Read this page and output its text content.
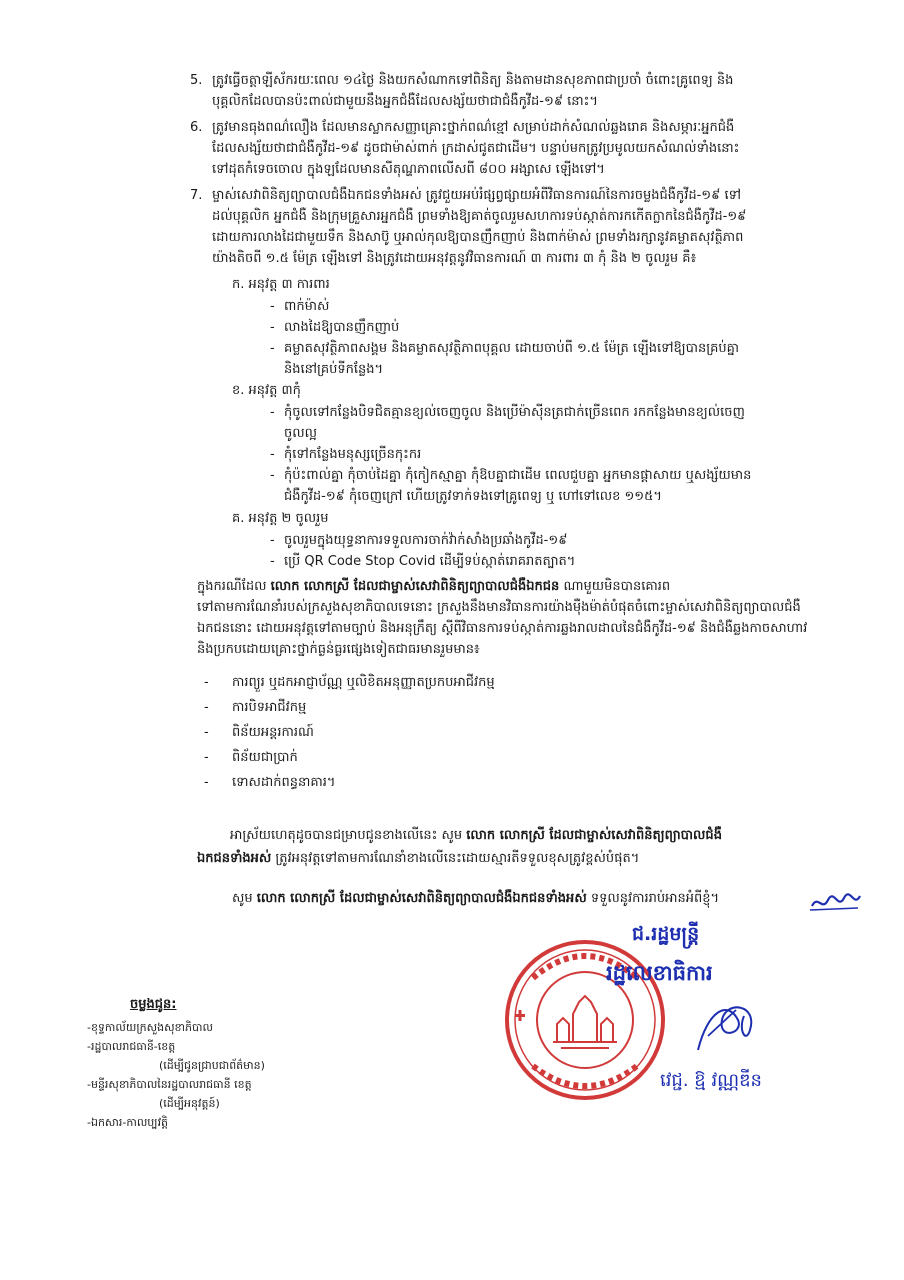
5. ត្រូវធ្វើចត្តាឡីស័ករយៈពេល ១៤ថ្ងៃ និងយកសំណាកទៅពិនិត្យ និងតាមដានសុខភាពជាប្រចាំ ចំពោះគ្រូពេទ្យ និង
បុគ្គលិកដែលបានប៉ះពាល់ជាមួយនឹងអ្នកជំងឺដែលសង្ស័យថាជាជំងឺកូវីដ-១៩ នោះ។
6. ត្រូវមានធុងពណ៌លឿង ដែលមានស្លាកសញ្ញាគ្រោះថ្នាក់ពណ៌ខ្មៅ សម្រាប់ដាក់សំណល់ឆ្លងរោគ និងសម្ភារៈអ្នកជំងឺ
ដែលសង្ស័យថាជាជំងឺកូវីដ-១៩ ដូចជាម៉ាស់ពាក់ ក្រដាស់ជូតជាដើម។ បន្ទាប់មកត្រូវប្រមូលយកសំណល់ទាំងនោះ
ទៅដុតកំទេចចោល ក្នុងឡដែលមានសីតុណ្ហភាពលើសពី ៨០០ អង្សាសេ ឡើងទៅ។
7. ម្ចាស់សេវាពិនិត្យព្យាបាលជំងឺឯកជនទាំងអស់ ត្រូវជួយអប់រំផ្សព្វផ្សាយអំពីវិធានការណ៍នៃការចម្លងជំងឺកូវីដ-១៩ ទៅ
ដល់បុគ្គលិក អ្នកជំងឺ និងក្រុមគ្រួសារអ្នកជំងឺ ព្រមទាំងឱ្យគាត់ចូលរួមសហការទប់ស្កាត់ការកកើតក្លាកនៃជំងឺកូវីដ-១៩
ដោយការលាងដៃជាមួយទឹក និងសាប៊ូ ឬអាល់កុលឱ្យបានញឹកញាប់ និងពាក់ម៉ាស់ ព្រមទាំងរក្សានូវគម្លាតសុវត្ថិភាព
យ៉ាងតិចពី ១.៥ ម៉ែត្រ ឡើងទៅ និងត្រូវដោយអនុវត្តនូវវិធានការណ៍ ៣ ការពារ ៣ កុំ និង ២ ចូលរួម គឺ៖
ក. អនុវត្ត ៣ ការពារ
- ពាក់ម៉ាស់
- លាងដៃឱ្យបានញឹកញាប់
- គម្លាតសុវត្ថិភាពសង្គម និងគម្លាតសុវត្ថិភាពបុគ្គល ដោយចាប់ពី ១.៥ ម៉ែត្រ ឡើងទៅឱ្យបានគ្រប់គ្នា
និងនៅគ្រប់ទីកន្លែង។
ខ. អនុវត្ត ៣កុំ
- កុំចូលទៅកន្លែងបិទជិតគ្មានខ្យល់ចេញចូល និងប្រើម៉ាស៊ីនត្រជាក់ច្រើនពេក រកកន្លែងមានខ្យល់ចេញ
ចូលល្អ
- កុំទៅកន្លែងមនុស្សច្រើនកុះករ
- កុំប៉ះពាល់គ្នា កុំចាប់ដៃគ្នា កុំកៀកស្មាគ្នា កុំឱបគ្នាជាដើម ពេលជួបគ្នា អ្នកមានផ្តាសាយ ឬសង្ស័យមាន
ជំងឺកូវីដ-១៩ កុំចេញក្រៅ ហើយត្រូវទាក់ទងទៅគ្រូពេទ្យ ឬ ហៅទៅលេខ ១១៥។
គ. អនុវត្ត ២ ចូលរួម
- ចូលរួមក្នុងយុទ្ធនាការទទួលការចាក់វ៉ាក់សាំងប្រឆាំងកូវីដ-១៩
- ប្រើ QR Code Stop Covid ដើម្បីទប់ស្កាត់រោគរាតត្បាត។
ក្នុងករណីដែល លោក លោកស្រី ដែលជាម្ចាស់សេវាពិនិត្យព្យាបាលជំងឺឯកជន ណាមួយមិនបានគោរព
ទៅតាមការណែនាំរបស់ក្រសួងសុខាភិបាលទេនោះ ក្រសួងនឹងមានវិធានការយ៉ាងម៉ឺងម៉ាត់បំផុតចំពោះម្ចាស់សេវាពិនិត្យព្យាបាលជំងឺ
ឯកជននោះ ដោយអនុវត្តទៅតាមច្បាប់ និងអនុក្រឹត្យ ស្តីពីវិធានការទប់ស្កាត់ការឆ្លងរាលដាលនៃជំងឺកូវីដ-១៩ និងជំងឺឆ្លងកាចសាហាវ
និងប្រកបដោយគ្រោះថ្នាក់ធ្ងន់ធ្ងរផ្សេងទៀតជាធរមានរួមមាន៖
- ការព្យួរ ឬដកអាជ្ញាប័ណ្ណ ឬលិខិតអនុញ្ញាតប្រកបអាជីវកម្ម
- ការបិទអាជីវកម្ម
- ពិន័យអន្តរការណ៍
- ពិន័យជាប្រាក់
- ទោសដាក់ពន្ធនាគារ។
អាស្រ័យហេតុដូចបានជម្រាបជូនខាងលើនេះ សូម លោក លោកស្រី ដែលជាម្ចាស់សេវាពិនិត្យព្យាបាលជំងឺ
ឯកជនទាំងអស់ ត្រូវអនុវត្តទៅតាមការណែនាំខាងលើនេះដោយស្មារតីទទួលខុសត្រូវខ្ពស់បំផុត។
សូម លោក លោកស្រី ដែលជាម្ចាស់សេវាពិនិត្យព្យាបាលជំងឺឯកជនទាំងអស់ ទទួលនូវការរាប់អានអំពីខ្ញុំ។
ជ.រដ្ឋមន្ត្រី
រដ្ឋលេខាធិការ
វេជ្ជ. ឱ្ម វណ្ណឌីន
ចម្លងជូន:
-ខុទ្ទកាល័យក្រសួងសុខាភិបាល
-រដ្ឋបាលរាជធានី-ខេត្ត
(ដើម្បីជូនជ្រាបជាព័ត៌មាន)
-មន្ទីរសុខាភិបាលនៃរដ្ឋបាលរាជធានី ខេត្ត
(ដើម្បីអនុវត្តន៍)
-ឯកសារ-កាលប្បវត្តិ
